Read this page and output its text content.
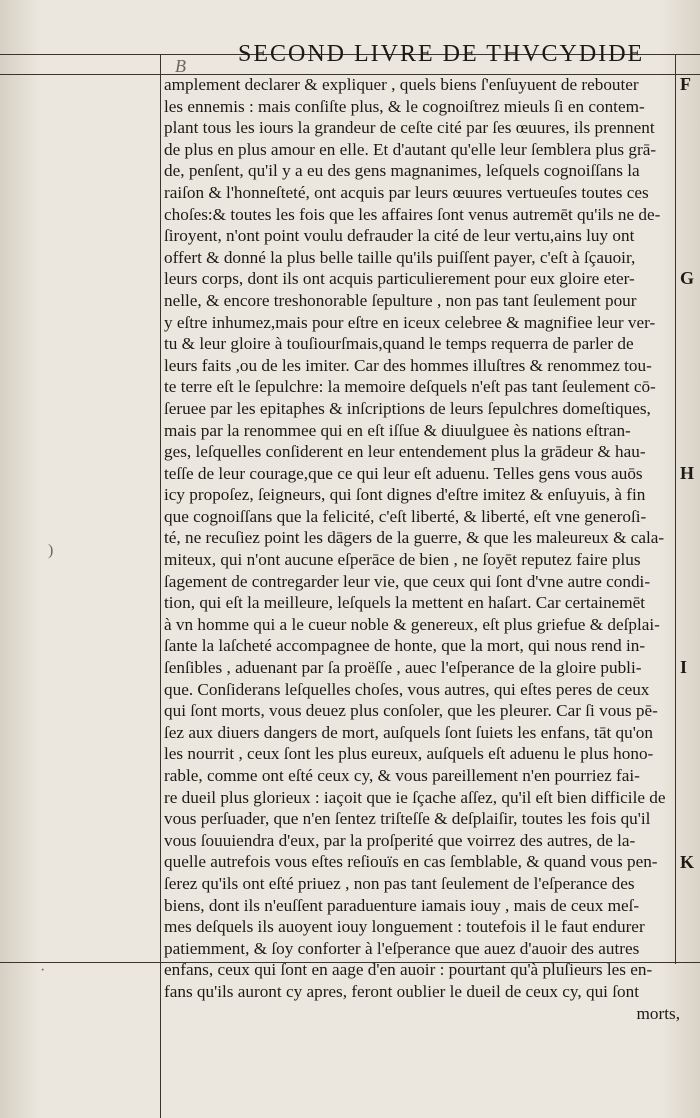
B SECOND LIVRE DE THVCYDIDE
amplement declarer & expliquer , quels biens ſ'enſuyuent de rebouter
les ennemis : mais conſiſte plus, & le cognoiſtrez mieuls ſi en contem-
plant tous les iours la grandeur de ceſte cité par ſes œuures, ils prennent
de plus en plus amour en elle. Et d'autant qu'elle leur ſemblera plus grā-
de, penſent, qu'il y a eu des gens magnanimes, leſquels cognoiſſans la
raiſon & l'honneſteté, ont acquis par leurs œuures vertueuſes toutes ces
choſes:& toutes les fois que les affaires ſont venus autremēt qu'ils ne de-
ſiroyent, n'ont point voulu defrauder la cité de leur vertu,ains luy ont
offert & donné la plus belle taille qu'ils puiſſent payer, c'eſt à ſçauoir,
leurs corps, dont ils ont acquis particulierement pour eux gloire eter-
nelle, & encore treshonorable ſepulture , non pas tant ſeulement pour
y eſtre inhumez,mais pour eſtre en iceux celebree & magnifiee leur ver-
tu & leur gloire à touſiourſmais,quand le temps requerra de parler de
leurs faits ,ou de les imiter. Car des hommes illuſtres & renommez tou-
te terre eſt le ſepulchre: la memoire deſquels n'eſt pas tant ſeulement cō-
ſeruee par les epitaphes & inſcriptions de leurs ſepulchres domeſtiques,
mais par la renommee qui en eſt iſſue & diuulguee ès nations eſtran-
ges, leſquelles conſiderent en leur entendement plus la grādeur & hau-
teſſe de leur courage,que ce qui leur eſt aduenu. Telles gens vous auōs
icy propoſez, ſeigneurs, qui ſont dignes d'eſtre imitez & enſuyuis, à fin
que cognoiſſans que la felicité, c'eſt liberté, & liberté, eſt vne generoſi-
té, ne recuſiez point les dāgers de la guerre, & que les maleureux & cala-
miteux, qui n'ont aucune eſperāce de bien , ne ſoyēt reputez faire plus
ſagement de contregarder leur vie, que ceux qui ſont d'vne autre condi-
tion, qui eſt la meilleure, leſquels la mettent en haſart. Car certainemēt
à vn homme qui a le cueur noble & genereux, eſt plus griefue & deſplai-
ſante la laſcheté accompagnee de honte, que la mort, qui nous rend in-
ſenſibles , aduenant par ſa proëſſe , auec l'eſperance de la gloire publi-
que. Conſiderans leſquelles choſes, vous autres, qui eſtes peres de ceux
qui ſont morts, vous deuez plus conſoler, que les pleurer. Car ſi vous pē-
ſez aux diuers dangers de mort, auſquels ſont ſuiets les enfans, tāt qu'on
les nourrit , ceux ſont les plus eureux, auſquels eſt aduenu le plus hono-
rable, comme ont eſté ceux cy, & vous pareillement n'en pourriez fai-
re dueil plus glorieux : iaçoit que ie ſçache aſſez, qu'il eſt bien difficile de
vous perſuader, que n'en ſentez triſteſſe & deſplaiſir, toutes les fois qu'il
vous ſouuiendra d'eux, par la proſperité que voirrez des autres, de la-
quelle autrefois vous eſtes reſiouïs en cas ſemblable, & quand vous pen-
ſerez qu'ils ont eſté priuez , non pas tant ſeulement de l'eſperance des
biens, dont ils n'euſſent paraduenture iamais iouy , mais de ceux meſ-
mes deſquels ils auoyent iouy longuement : toutefois il le faut endurer
patiemment, & ſoy conforter à l'eſperance que auez d'auoir des autres
enfans, ceux qui ſont en aage d'en auoir : pourtant qu'à pluſieurs les en-
fans qu'ils auront cy apres, feront oublier le dueil de ceux cy, qui ſont
morts,
F
G
H
I
K
)
·
